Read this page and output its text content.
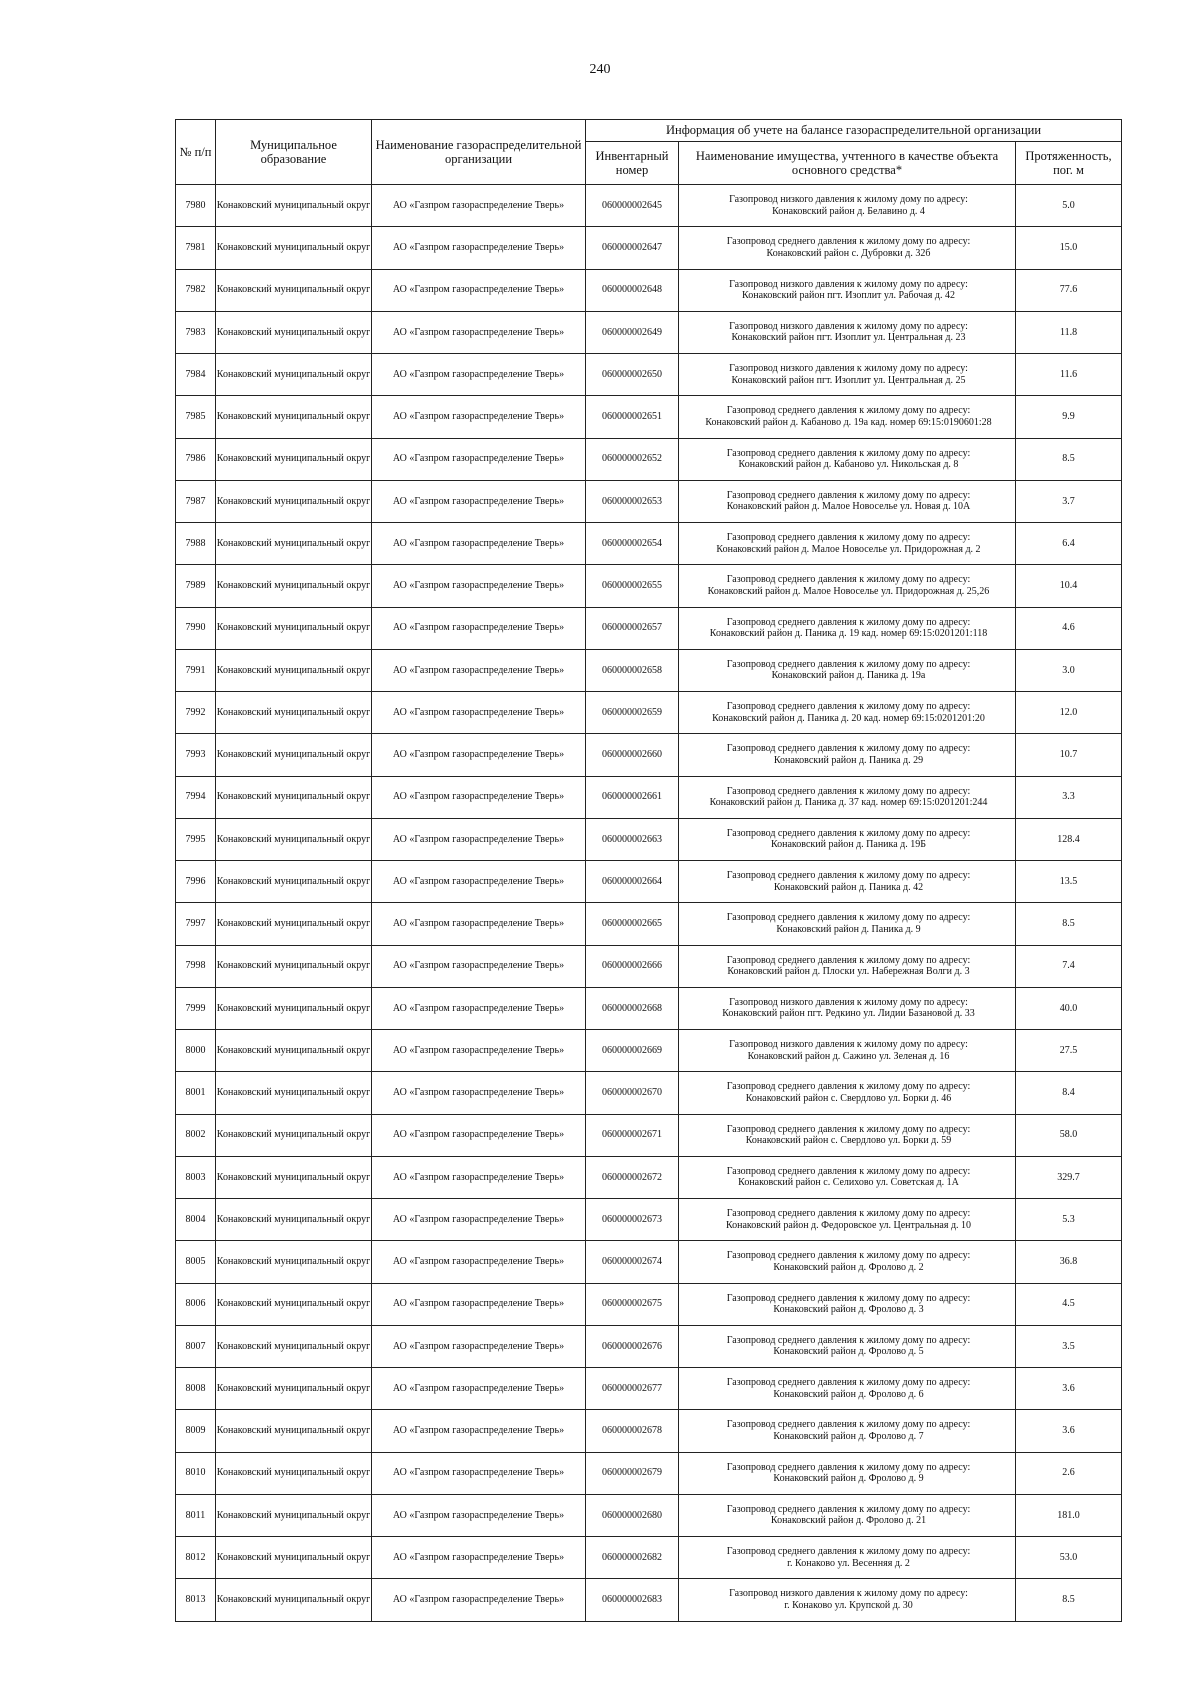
240
№ п/п	Муниципальное образование	Наименование газораспределительной организации	Информация об учете на балансе газораспределительной организации		
			Инвентарный номер	Наименование имущества, учтенного в качестве объекта основного средства*	Протяженность, пог. м
7980	Конаковский муниципальный округ	АО «Газпром газораспределение Тверь»	060000002645	Газопровод низкого давления к жилому дому по адресу:
Конаковский район д. Белавино д. 4	5.0
7981	Конаковский муниципальный округ	АО «Газпром газораспределение Тверь»	060000002647	Газопровод среднего давления к жилому дому по адресу:
Конаковский район с. Дубровки д. 32б	15.0
7982	Конаковский муниципальный округ	АО «Газпром газораспределение Тверь»	060000002648	Газопровод низкого давления к жилому дому по адресу:
Конаковский район пгт. Изоплит ул. Рабочая д. 42	77.6
7983	Конаковский муниципальный округ	АО «Газпром газораспределение Тверь»	060000002649	Газопровод низкого давления к жилому дому по адресу:
Конаковский район пгт. Изоплит ул. Центральная д. 23	11.8
7984	Конаковский муниципальный округ	АО «Газпром газораспределение Тверь»	060000002650	Газопровод низкого давления к жилому дому по адресу:
Конаковский район пгт. Изоплит ул. Центральная д. 25	11.6
7985	Конаковский муниципальный округ	АО «Газпром газораспределение Тверь»	060000002651	Газопровод среднего давления к жилому дому по адресу:
Конаковский район д. Кабаново д. 19а кад. номер 69:15:0190601:28	9.9
7986	Конаковский муниципальный округ	АО «Газпром газораспределение Тверь»	060000002652	Газопровод среднего давления к жилому дому по адресу:
Конаковский район д. Кабаново ул. Никольская д. 8	8.5
7987	Конаковский муниципальный округ	АО «Газпром газораспределение Тверь»	060000002653	Газопровод среднего давления к жилому дому по адресу:
Конаковский район д. Малое Новоселье ул. Новая д. 10А	3.7
7988	Конаковский муниципальный округ	АО «Газпром газораспределение Тверь»	060000002654	Газопровод среднего давления к жилому дому по адресу:
Конаковский район д. Малое Новоселье ул. Придорожная д. 2	6.4
7989	Конаковский муниципальный округ	АО «Газпром газораспределение Тверь»	060000002655	Газопровод среднего давления к жилому дому по адресу:
Конаковский район д. Малое Новоселье ул. Придорожная д. 25,26	10.4
7990	Конаковский муниципальный округ	АО «Газпром газораспределение Тверь»	060000002657	Газопровод среднего давления к жилому дому по адресу:
Конаковский район д. Паника д. 19 кад. номер 69:15:0201201:118	4.6
7991	Конаковский муниципальный округ	АО «Газпром газораспределение Тверь»	060000002658	Газопровод среднего давления к жилому дому по адресу:
Конаковский район д. Паника д. 19а	3.0
7992	Конаковский муниципальный округ	АО «Газпром газораспределение Тверь»	060000002659	Газопровод среднего давления к жилому дому по адресу:
Конаковский район д. Паника д. 20 кад. номер 69:15:0201201:20	12.0
7993	Конаковский муниципальный округ	АО «Газпром газораспределение Тверь»	060000002660	Газопровод среднего давления к жилому дому по адресу:
Конаковский район д. Паника д. 29	10.7
7994	Конаковский муниципальный округ	АО «Газпром газораспределение Тверь»	060000002661	Газопровод среднего давления к жилому дому по адресу:
Конаковский район д. Паника д. 37 кад. номер 69:15:0201201:244	3.3
7995	Конаковский муниципальный округ	АО «Газпром газораспределение Тверь»	060000002663	Газопровод среднего давления к жилому дому по адресу:
Конаковский район д. Паника д. 19Б	128.4
7996	Конаковский муниципальный округ	АО «Газпром газораспределение Тверь»	060000002664	Газопровод среднего давления к жилому дому по адресу:
Конаковский район д. Паника д. 42	13.5
7997	Конаковский муниципальный округ	АО «Газпром газораспределение Тверь»	060000002665	Газопровод среднего давления к жилому дому по адресу:
Конаковский район д. Паника д. 9	8.5
7998	Конаковский муниципальный округ	АО «Газпром газораспределение Тверь»	060000002666	Газопровод среднего давления к жилому дому по адресу:
Конаковский район д. Плоски ул. Набережная Волги д. 3	7.4
7999	Конаковский муниципальный округ	АО «Газпром газораспределение Тверь»	060000002668	Газопровод низкого давления к жилому дому по адресу:
Конаковский район пгт. Редкино ул. Лидии Базановой д. 33	40.0
8000	Конаковский муниципальный округ	АО «Газпром газораспределение Тверь»	060000002669	Газопровод низкого давления к жилому дому по адресу:
Конаковский район д. Сажино ул. Зеленая д. 16	27.5
8001	Конаковский муниципальный округ	АО «Газпром газораспределение Тверь»	060000002670	Газопровод среднего давления к жилому дому по адресу:
Конаковский район с. Свердлово ул. Борки д. 46	8.4
8002	Конаковский муниципальный округ	АО «Газпром газораспределение Тверь»	060000002671	Газопровод среднего давления к жилому дому по адресу:
Конаковский район с. Свердлово ул. Борки д. 59	58.0
8003	Конаковский муниципальный округ	АО «Газпром газораспределение Тверь»	060000002672	Газопровод среднего давления к жилому дому по адресу:
Конаковский район с. Селихово ул. Советская д. 1А	329.7
8004	Конаковский муниципальный округ	АО «Газпром газораспределение Тверь»	060000002673	Газопровод среднего давления к жилому дому по адресу:
Конаковский район д. Федоровское ул. Центральная д. 10	5.3
8005	Конаковский муниципальный округ	АО «Газпром газораспределение Тверь»	060000002674	Газопровод среднего давления к жилому дому по адресу:
Конаковский район д. Фролово д. 2	36.8
8006	Конаковский муниципальный округ	АО «Газпром газораспределение Тверь»	060000002675	Газопровод среднего давления к жилому дому по адресу:
Конаковский район д. Фролово д. 3	4.5
8007	Конаковский муниципальный округ	АО «Газпром газораспределение Тверь»	060000002676	Газопровод среднего давления к жилому дому по адресу:
Конаковский район д. Фролово д. 5	3.5
8008	Конаковский муниципальный округ	АО «Газпром газораспределение Тверь»	060000002677	Газопровод среднего давления к жилому дому по адресу:
Конаковский район д. Фролово д. 6	3.6
8009	Конаковский муниципальный округ	АО «Газпром газораспределение Тверь»	060000002678	Газопровод среднего давления к жилому дому по адресу:
Конаковский район д. Фролово д. 7	3.6
8010	Конаковский муниципальный округ	АО «Газпром газораспределение Тверь»	060000002679	Газопровод среднего давления к жилому дому по адресу:
Конаковский район д. Фролово д. 9	2.6
8011	Конаковский муниципальный округ	АО «Газпром газораспределение Тверь»	060000002680	Газопровод среднего давления к жилому дому по адресу:
Конаковский район д. Фролово д. 21	181.0
8012	Конаковский муниципальный округ	АО «Газпром газораспределение Тверь»	060000002682	Газопровод среднего давления к жилому дому по адресу:
г. Конаково ул. Весенняя д. 2	53.0
8013	Конаковский муниципальный округ	АО «Газпром газораспределение Тверь»	060000002683	Газопровод низкого давления к жилому дому по адресу:
г. Конаково ул. Крупской д. 30	8.5
